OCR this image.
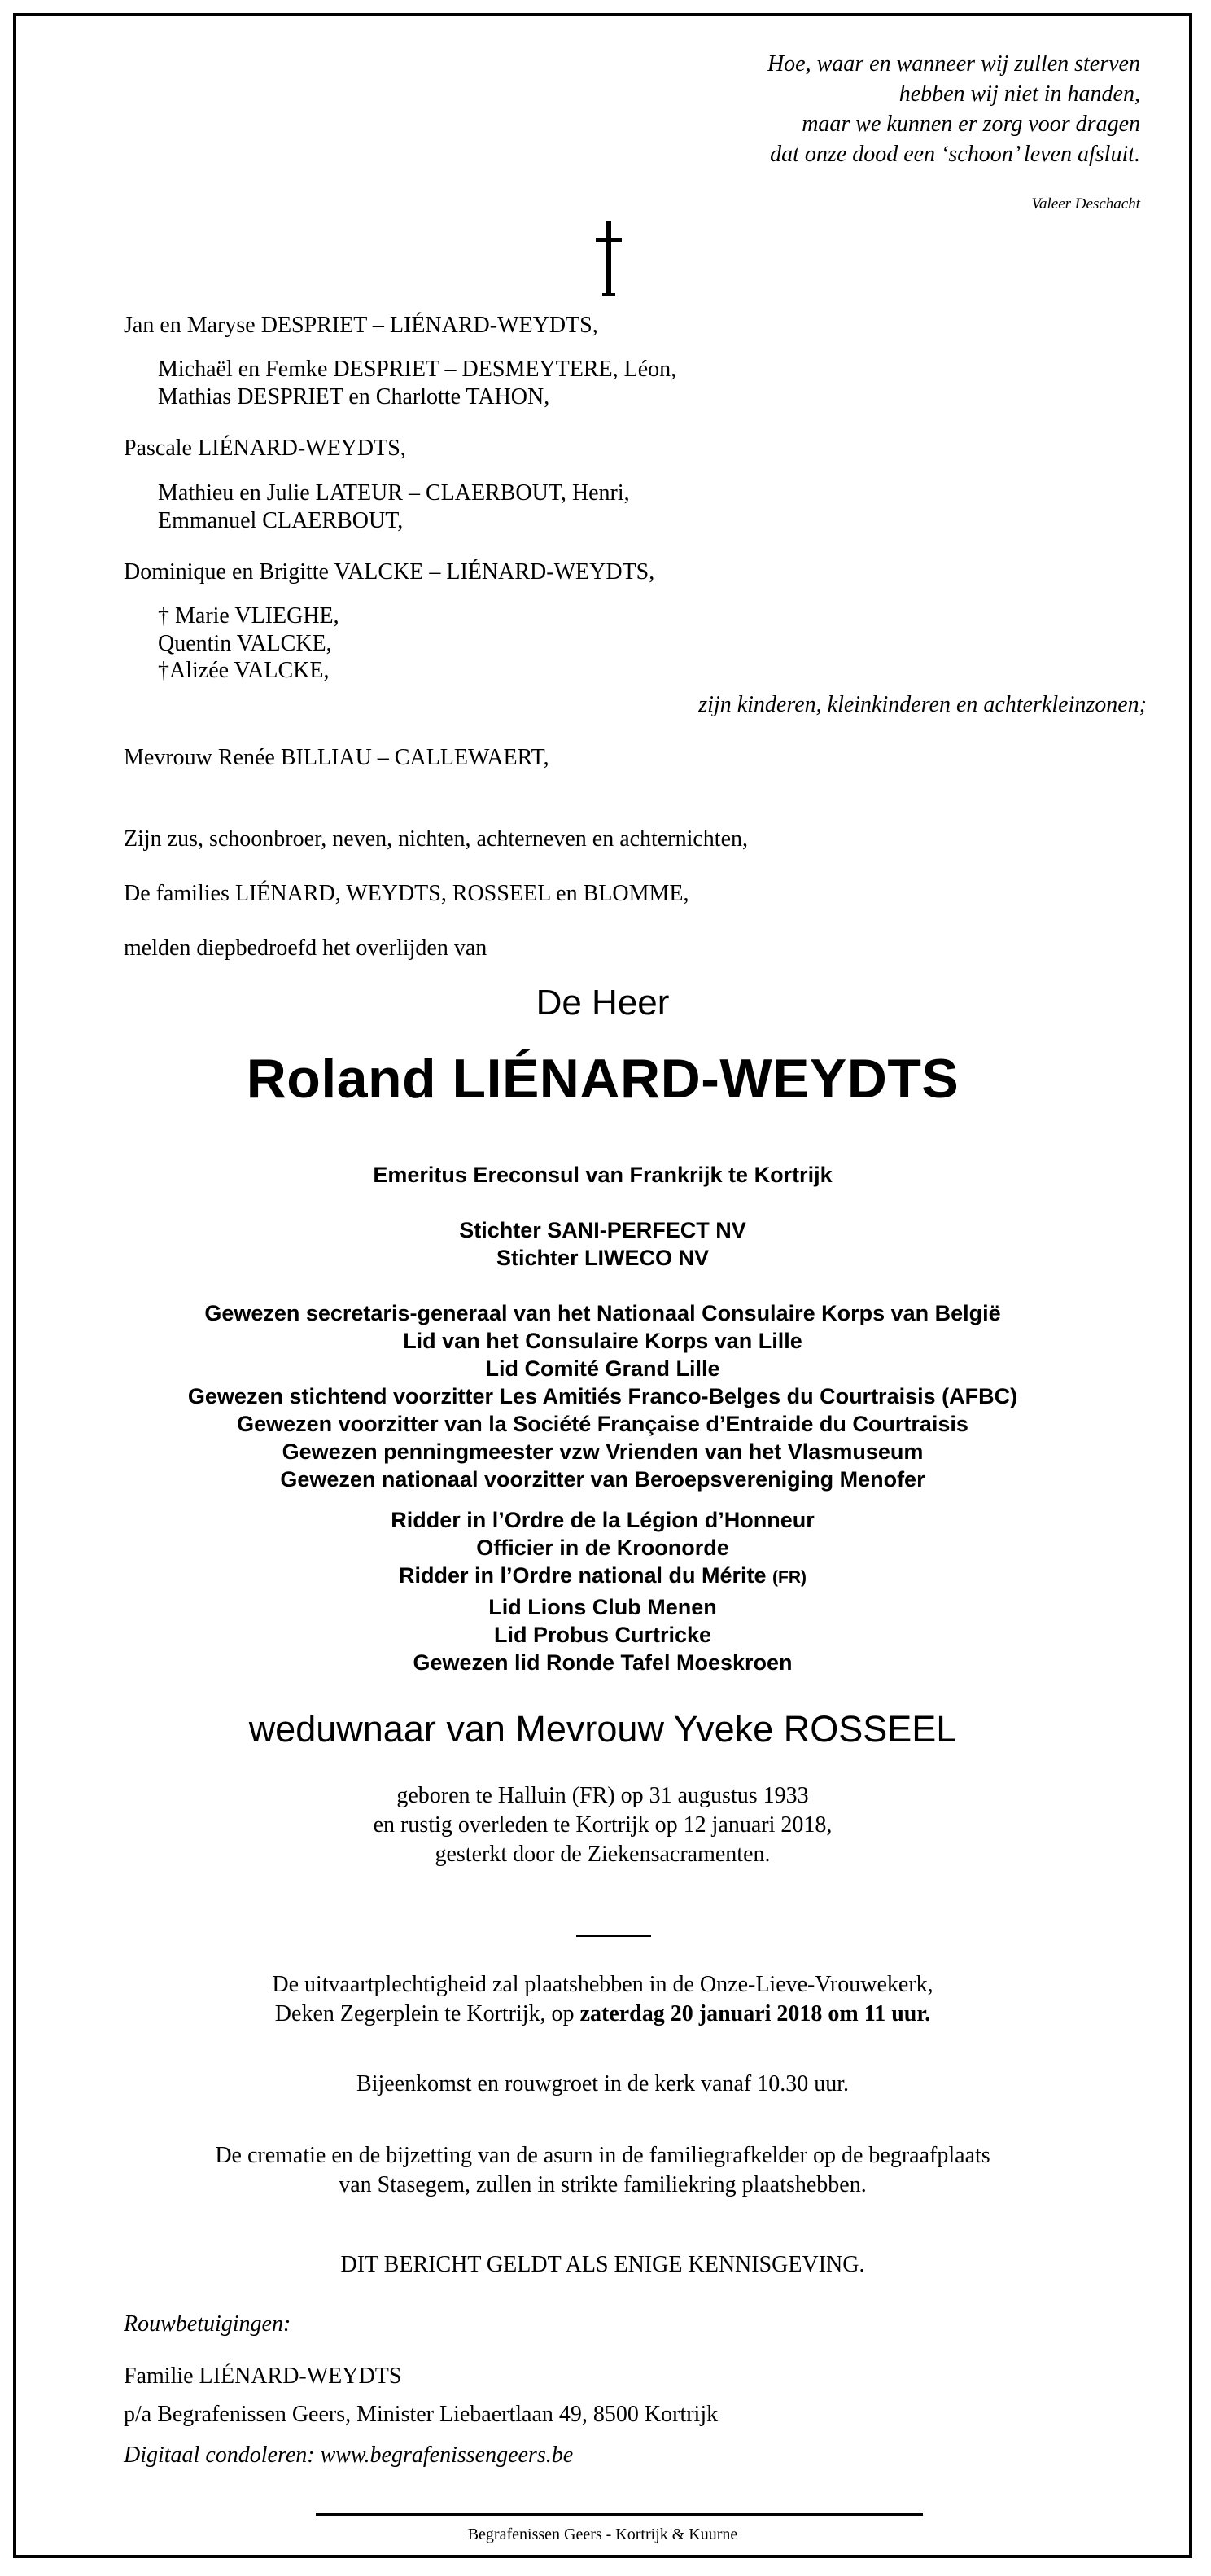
Hoe, waar en wanneer wij zullen sterven
hebben wij niet in handen,
maar we kunnen er zorg voor dragen
dat onze dood een ‘schoon’ leven afsluit.
Valeer Deschacht
Jan en Maryse DESPRIET – LIÉNARD-WEYDTS,
Michaël en Femke DESPRIET – DESMEYTERE, Léon,
Mathias DESPRIET en Charlotte TAHON,
Pascale LIÉNARD-WEYDTS,
Mathieu en Julie LATEUR – CLAERBOUT, Henri,
Emmanuel CLAERBOUT,
Dominique en Brigitte VALCKE – LIÉNARD-WEYDTS,
† Marie VLIEGHE,
Quentin VALCKE,
†Alizée VALCKE,
zijn kinderen, kleinkinderen en achterkleinzonen;
Mevrouw Renée BILLIAU – CALLEWAERT,
Zijn zus, schoonbroer, neven, nichten, achterneven en achternichten,
De families LIÉNARD, WEYDTS, ROSSEEL en BLOMME,
melden diepbedroefd het overlijden van
De Heer
Roland LIÉNARD-WEYDTS
Emeritus Ereconsul van Frankrijk te Kortrijk
Stichter SANI-PERFECT NV
Stichter LIWECO NV
Gewezen secretaris-generaal van het Nationaal Consulaire Korps van België
Lid van het Consulaire Korps van Lille
Lid Comité Grand Lille
Gewezen stichtend voorzitter Les Amitiés Franco-Belges du Courtraisis (AFBC)
Gewezen voorzitter van la Société Française d’Entraide du Courtraisis
Gewezen penningmeester vzw Vrienden van het Vlasmuseum
Gewezen nationaal voorzitter van Beroepsvereniging Menofer
Ridder in l’Ordre de la Légion d’Honneur
Officier in de Kroonorde
Ridder in l’Ordre national du Mérite (FR)
Lid Lions Club Menen
Lid Probus Curtricke
Gewezen lid Ronde Tafel Moeskroen
weduwnaar van Mevrouw Yveke ROSSEEL
geboren te Halluin (FR) op 31 augustus 1933
en rustig overleden te Kortrijk op 12 januari 2018,
gesterkt door de Ziekensacramenten.
De uitvaartplechtigheid zal plaatshebben in de Onze-Lieve-Vrouwekerk,
Deken Zegerplein te Kortrijk, op zaterdag 20 januari 2018 om 11 uur.
Bijeenkomst en rouwgroet in de kerk vanaf 10.30 uur.
De crematie en de bijzetting van de asurn in de familiegrafkelder op de begraafplaats
van Stasegem, zullen in strikte familiekring plaatshebben.
DIT BERICHT GELDT ALS ENIGE KENNISGEVING.
Rouwbetuigingen:
Familie LIÉNARD-WEYDTS
p/a Begrafenissen Geers, Minister Liebaertlaan 49, 8500 Kortrijk
Digitaal condoleren: www.begrafenissengeers.be
Begrafenissen Geers - Kortrijk & Kuurne
